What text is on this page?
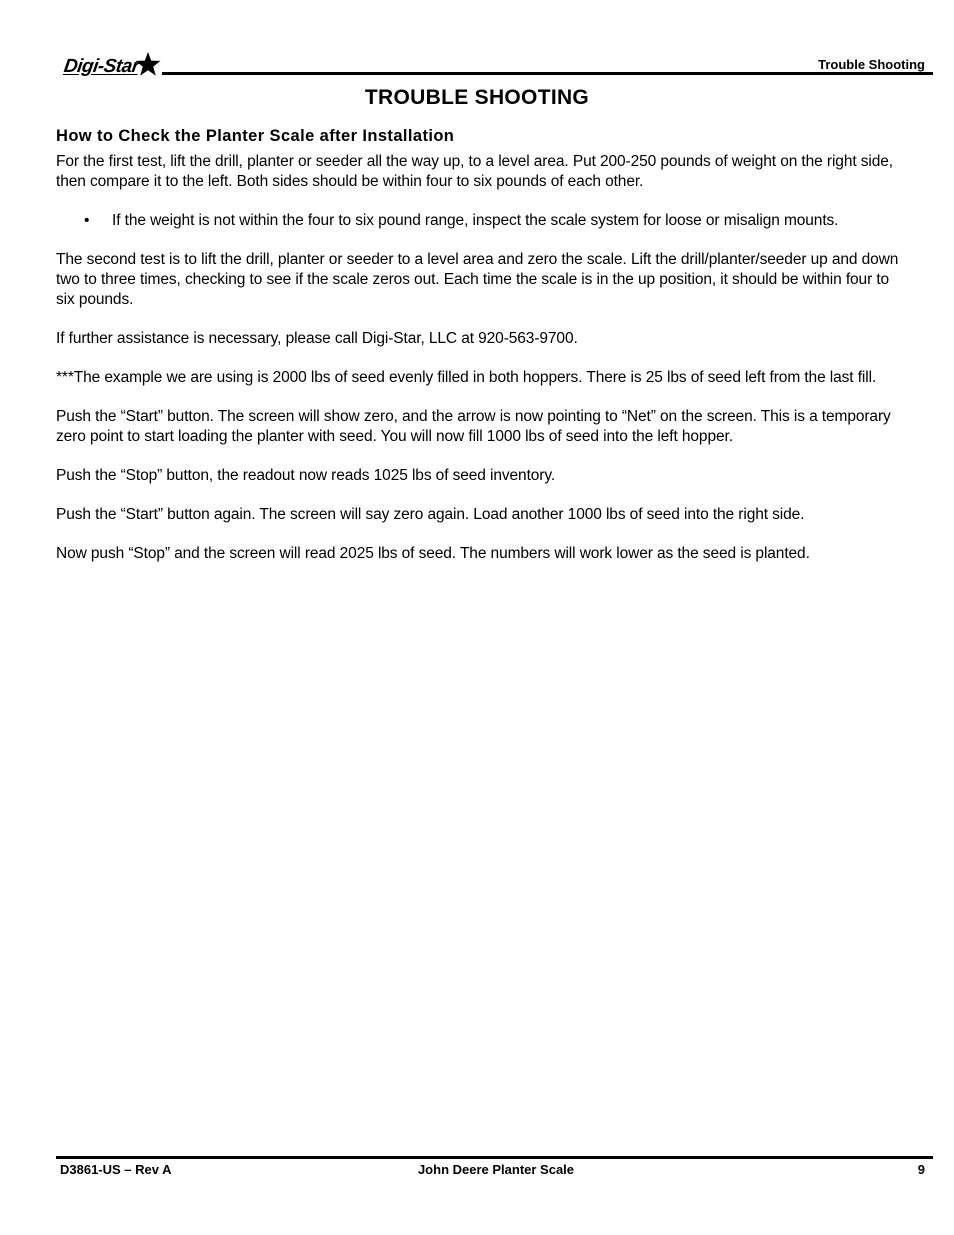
Digi-Star	Trouble Shooting
TROUBLE SHOOTING
How to Check the Planter Scale after Installation

For the first test, lift the drill, planter or seeder all the way up, to a level area. Put 200-250 pounds of weight on the right side, then compare it to the left. Both sides should be within four to six pounds of each other.

• If the weight is not within the four to six pound range, inspect the scale system for loose or misalign mounts.

The second test is to lift the drill, planter or seeder to a level area and zero the scale. Lift the drill/planter/seeder up and down two to three times, checking to see if the scale zeros out. Each time the scale is in the up position, it should be within four to six pounds.

If further assistance is necessary, please call Digi-Star, LLC at 920-563-9700.

***The example we are using is 2000 lbs of seed evenly filled in both hoppers. There is 25 lbs of seed left from the last fill.

Push the “Start” button. The screen will show zero, and the arrow is now pointing to “Net” on the screen. This is a temporary zero point to start loading the planter with seed. You will now fill 1000 lbs of seed into the left hopper.

Push the “Stop” button, the readout now reads 1025 lbs of seed inventory.

Push the “Start” button again. The screen will say zero again. Load another 1000 lbs of seed into the right side.

Now push “Stop” and the screen will read 2025 lbs of seed. The numbers will work lower as the seed is planted.

D3861-US – Rev A	John Deere Planter Scale	9
